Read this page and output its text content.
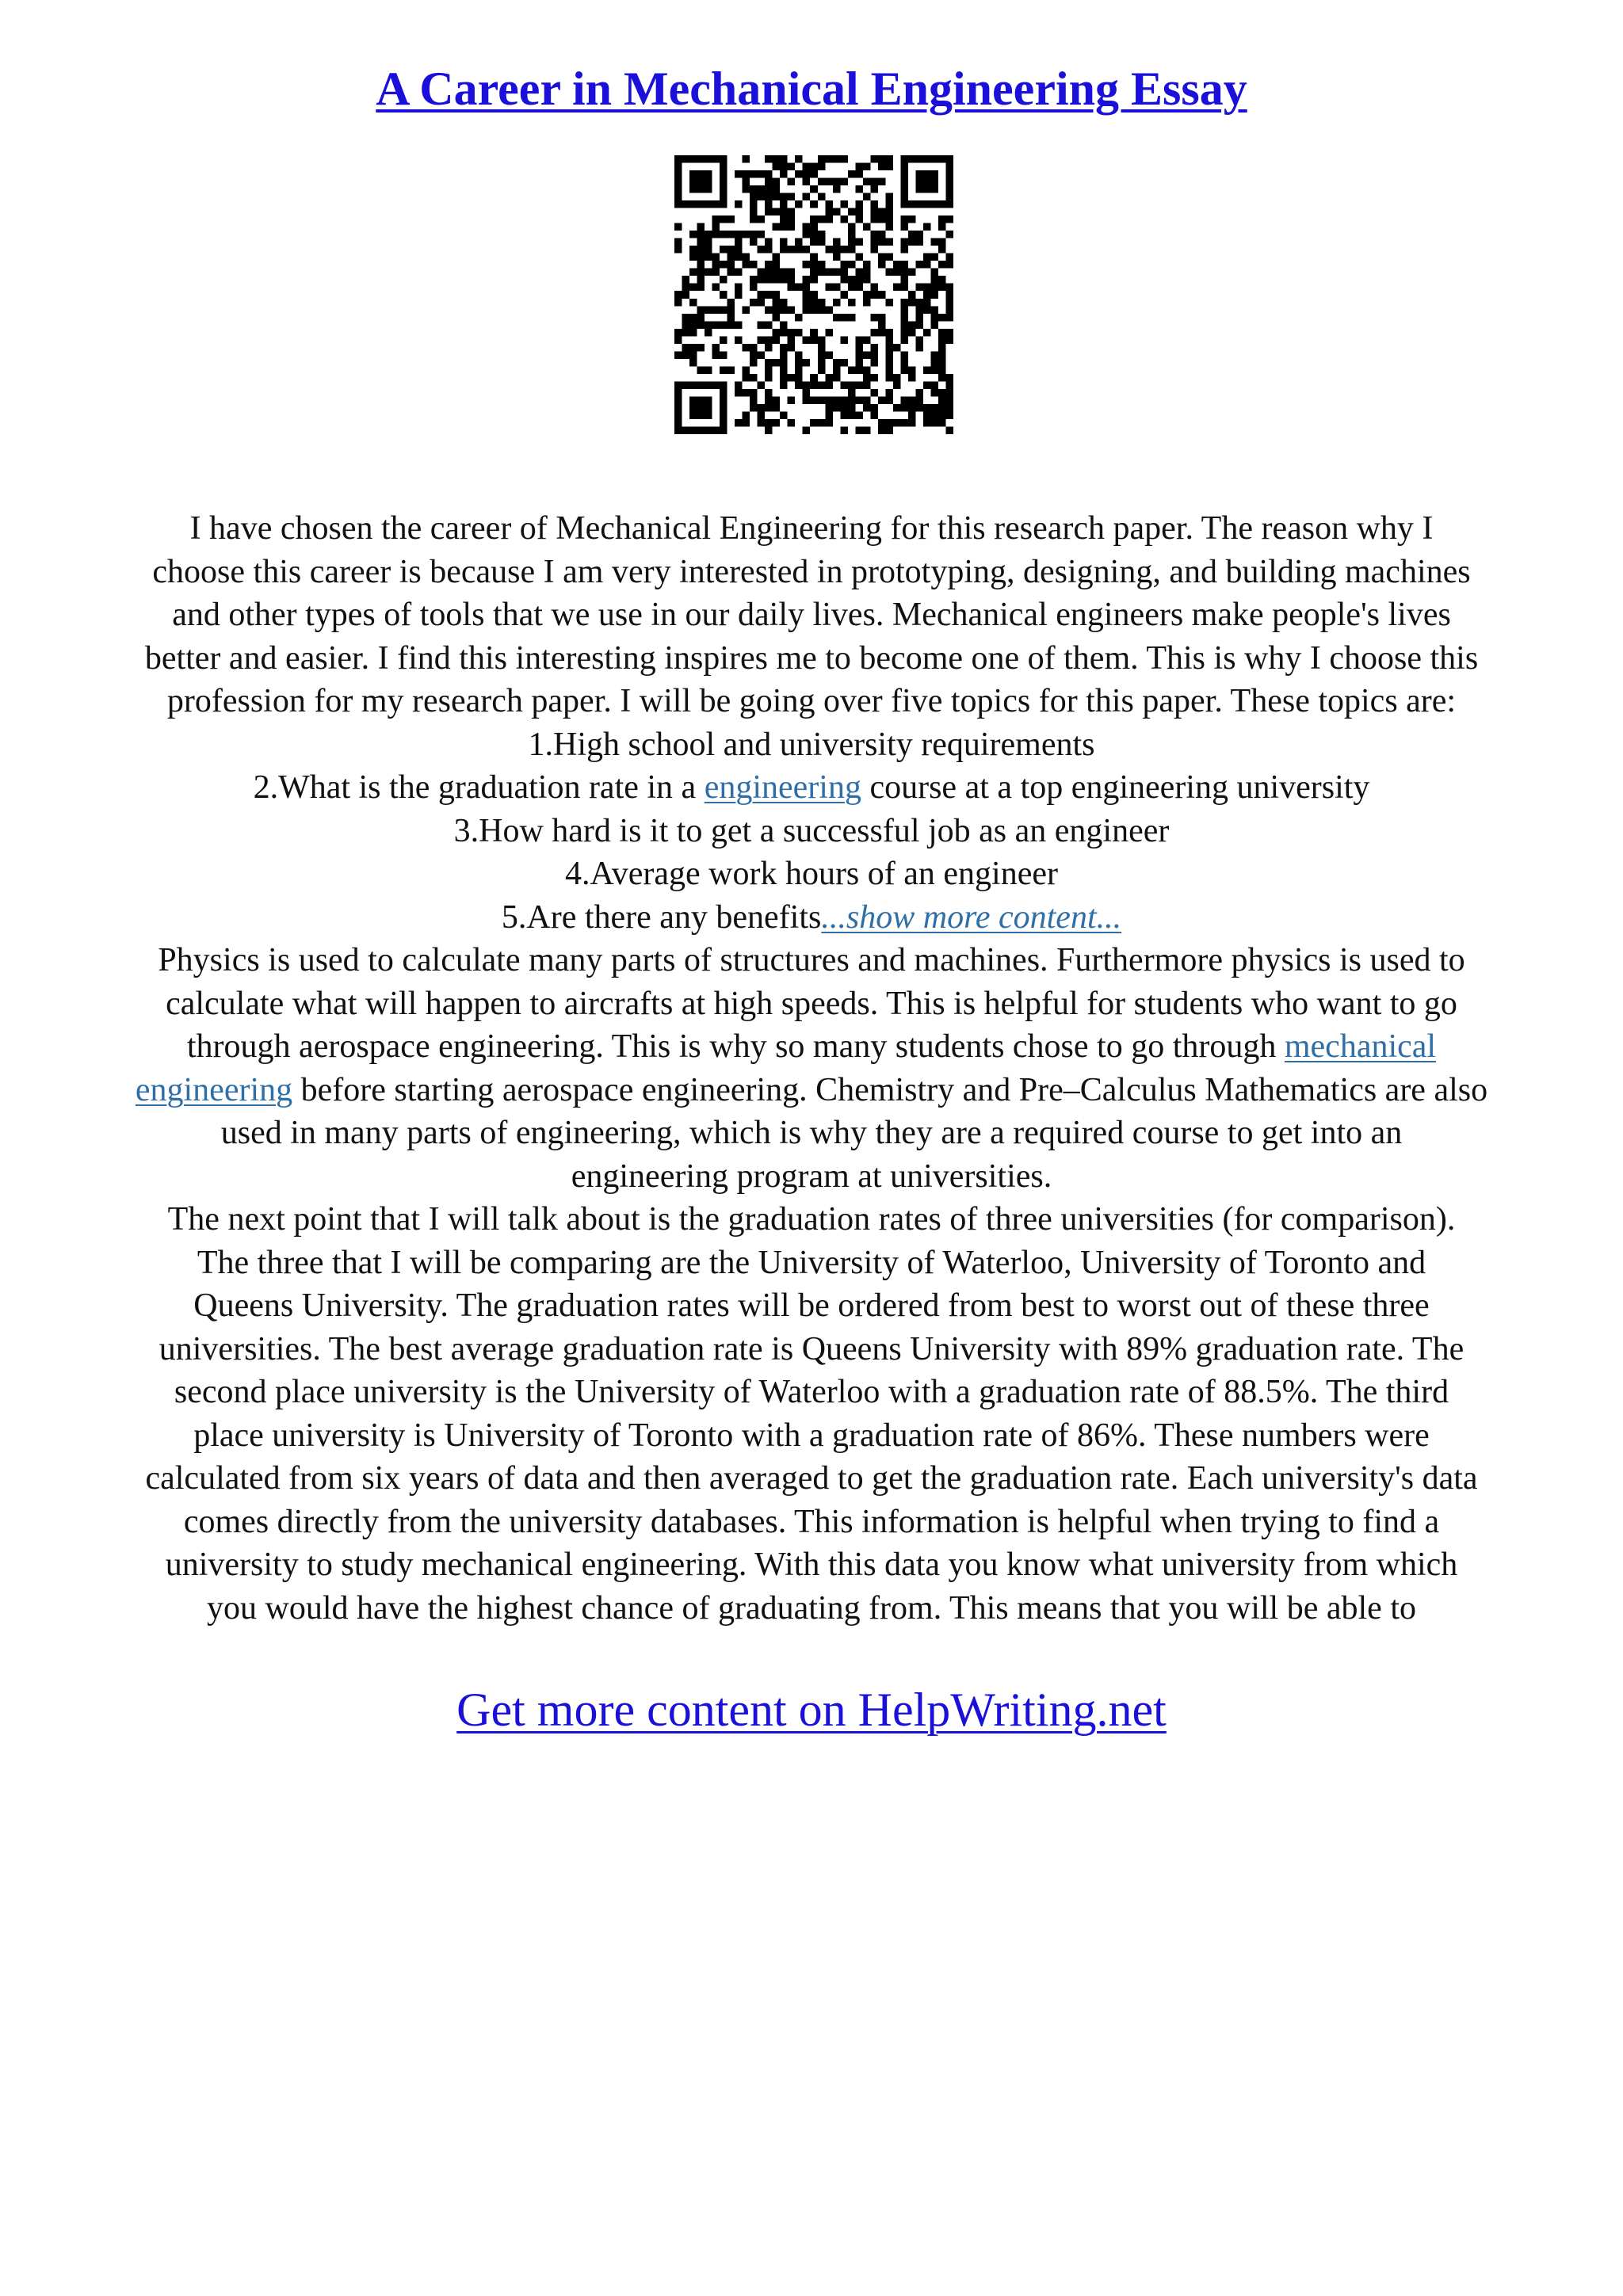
A Career in Mechanical Engineering Essay

I have chosen the career of Mechanical Engineering for this research paper. The reason why I
choose this career is because I am very interested in prototyping, designing, and building machines
and other types of tools that we use in our daily lives. Mechanical engineers make people's lives
better and easier. I find this interesting inspires me to become one of them. This is why I choose this
profession for my research paper. I will be going over five topics for this paper. These topics are:

1.High school and university requirements
2.What is the graduation rate in a engineering course at a top engineering university
3.How hard is it to get a successful job as an engineer
4.Average work hours of an engineer
5.Are there any benefits...show more content...

Physics is used to calculate many parts of structures and machines. Furthermore physics is used to
calculate what will happen to aircrafts at high speeds. This is helpful for students who want to go
through aerospace engineering. This is why so many students chose to go through mechanical
engineering before starting aerospace engineering. Chemistry and Pre–Calculus Mathematics are also
used in many parts of engineering, which is why they are a required course to get into an
engineering program at universities.

The next point that I will talk about is the graduation rates of three universities (for comparison).
The three that I will be comparing are the University of Waterloo, University of Toronto and
Queens University. The graduation rates will be ordered from best to worst out of these three
universities. The best average graduation rate is Queens University with 89% graduation rate. The
second place university is the University of Waterloo with a graduation rate of 88.5%. The third
place university is University of Toronto with a graduation rate of 86%. These numbers were
calculated from six years of data and then averaged to get the graduation rate. Each university's data
comes directly from the university databases. This information is helpful when trying to find a
university to study mechanical engineering. With this data you know what university from which
you would have the highest chance of graduating from. This means that you will be able to

Get more content on HelpWriting.net
